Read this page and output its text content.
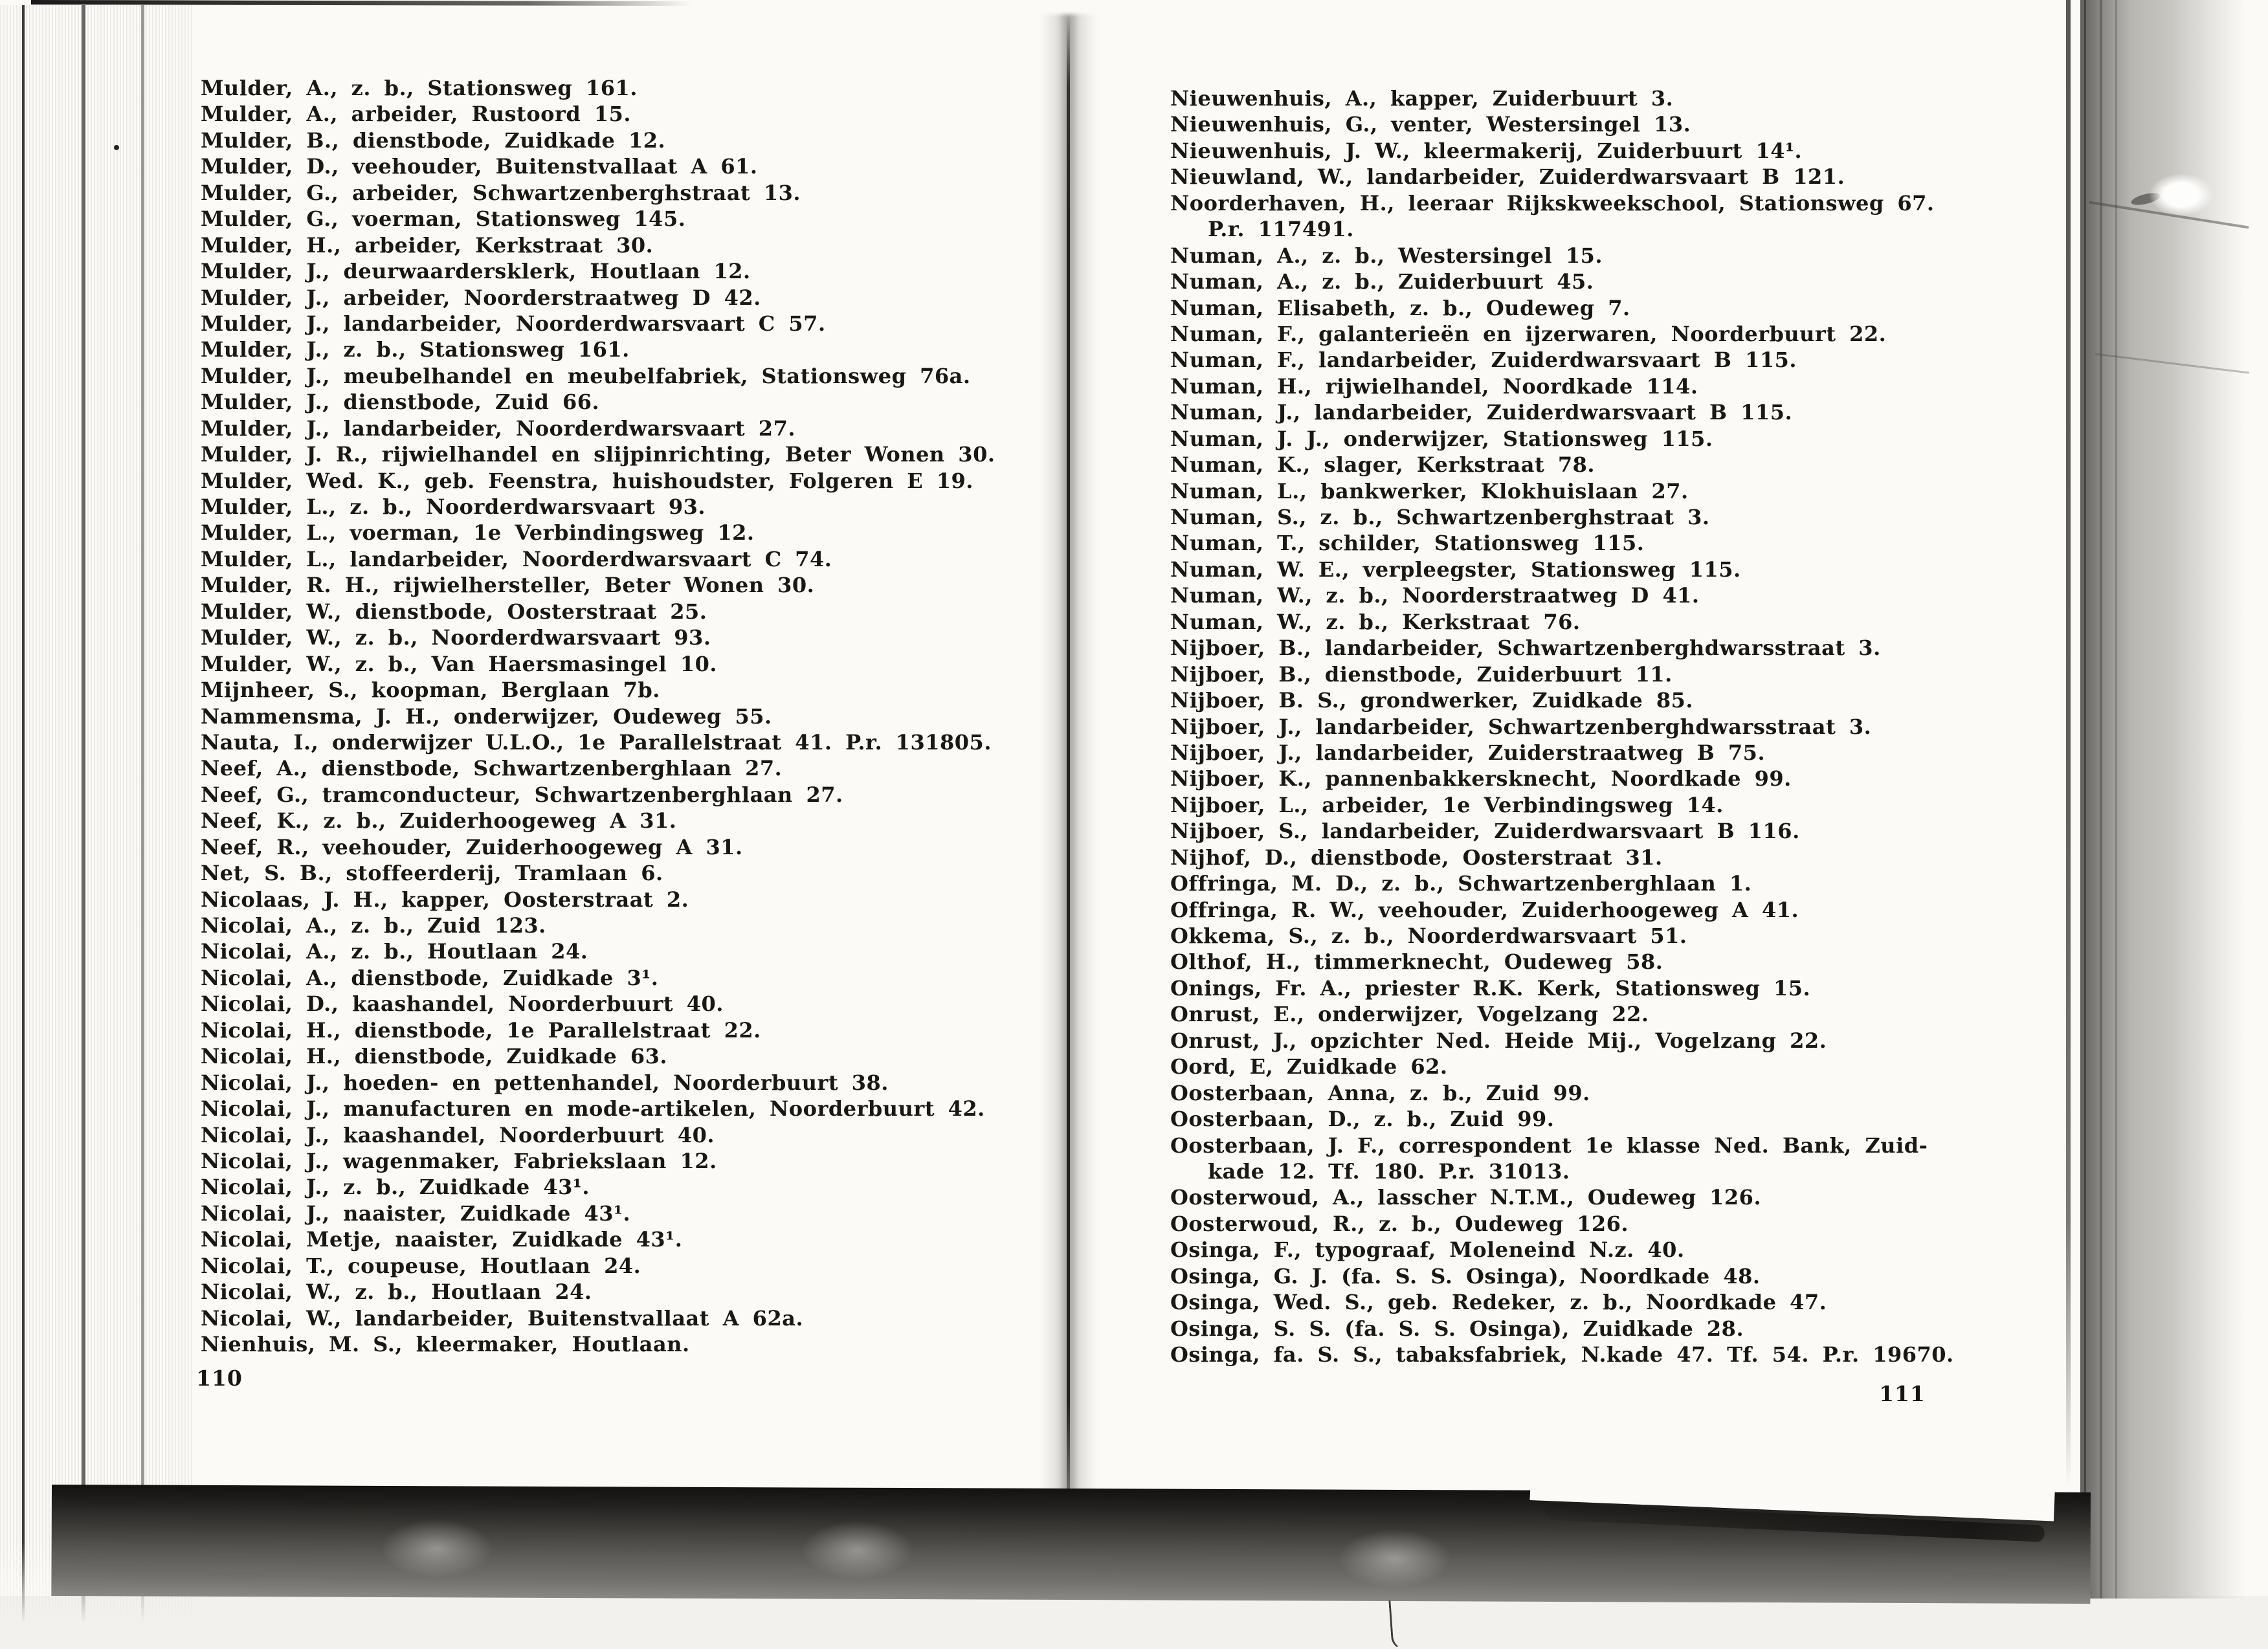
Mulder, A., z. b., Stationsweg 161.
Mulder, A., arbeider, Rustoord 15.
Mulder, B., dienstbode, Zuidkade 12.
Mulder, D., veehouder, Buitenstvallaat A 61.
Mulder, G., arbeider, Schwartzenberghstraat 13.
Mulder, G., voerman, Stationsweg 145.
Mulder, H., arbeider, Kerkstraat 30.
Mulder, J., deurwaardersklerk, Houtlaan 12.
Mulder, J., arbeider, Noorderstraatweg D 42.
Mulder, J., landarbeider, Noorderdwarsvaart C 57.
Mulder, J., z. b., Stationsweg 161.
Mulder, J., meubelhandel en meubelfabriek, Stationsweg 76a.
Mulder, J., dienstbode, Zuid 66.
Mulder, J., landarbeider, Noorderdwarsvaart 27.
Mulder, J. R., rijwielhandel en slijpinrichting, Beter Wonen 30.
Mulder, Wed. K., geb. Feenstra, huishoudster, Folgeren E 19.
Mulder, L., z. b., Noorderdwarsvaart 93.
Mulder, L., voerman, 1e Verbindingsweg 12.
Mulder, L., landarbeider, Noorderdwarsvaart C 74.
Mulder, R. H., rijwielhersteller, Beter Wonen 30.
Mulder, W., dienstbode, Oosterstraat 25.
Mulder, W., z. b., Noorderdwarsvaart 93.
Mulder, W., z. b., Van Haersmasingel 10.
Mijnheer, S., koopman, Berglaan 7b.
Nammensma, J. H., onderwijzer, Oudeweg 55.
Nauta, I., onderwijzer U.L.O., 1e Parallelstraat 41. P.r. 131805.
Neef, A., dienstbode, Schwartzenberghlaan 27.
Neef, G., tramconducteur, Schwartzenberghlaan 27.
Neef, K., z. b., Zuiderhoogeweg A 31.
Neef, R., veehouder, Zuiderhoogeweg A 31.
Net, S. B., stoffeerderij, Tramlaan 6.
Nicolaas, J. H., kapper, Oosterstraat 2.
Nicolai, A., z. b., Zuid 123.
Nicolai, A., z. b., Houtlaan 24.
Nicolai, A., dienstbode, Zuidkade 3¹.
Nicolai, D., kaashandel, Noorderbuurt 40.
Nicolai, H., dienstbode, 1e Parallelstraat 22.
Nicolai, H., dienstbode, Zuidkade 63.
Nicolai, J., hoeden- en pettenhandel, Noorderbuurt 38.
Nicolai, J., manufacturen en mode-artikelen, Noorderbuurt 42.
Nicolai, J., kaashandel, Noorderbuurt 40.
Nicolai, J., wagenmaker, Fabriekslaan 12.
Nicolai, J., z. b., Zuidkade 43¹.
Nicolai, J., naaister, Zuidkade 43¹.
Nicolai, Metje, naaister, Zuidkade 43¹.
Nicolai, T., coupeuse, Houtlaan 24.
Nicolai, W., z. b., Houtlaan 24.
Nicolai, W., landarbeider, Buitenstvallaat A 62a.
Nienhuis, M. S., kleermaker, Houtlaan.
Nieuwenhuis, A., kapper, Zuiderbuurt 3.
Nieuwenhuis, G., venter, Westersingel 13.
Nieuwenhuis, J. W., kleermakerij, Zuiderbuurt 14¹.
Nieuwland, W., landarbeider, Zuiderdwarsvaart B 121.
Noorderhaven, H., leeraar Rijkskweekschool, Stationsweg 67.
P.r. 117491.
Numan, A., z. b., Westersingel 15.
Numan, A., z. b., Zuiderbuurt 45.
Numan, Elisabeth, z. b., Oudeweg 7.
Numan, F., galanterieën en ijzerwaren, Noorderbuurt 22.
Numan, F., landarbeider, Zuiderdwarsvaart B 115.
Numan, H., rijwielhandel, Noordkade 114.
Numan, J., landarbeider, Zuiderdwarsvaart B 115.
Numan, J. J., onderwijzer, Stationsweg 115.
Numan, K., slager, Kerkstraat 78.
Numan, L., bankwerker, Klokhuislaan 27.
Numan, S., z. b., Schwartzenberghstraat 3.
Numan, T., schilder, Stationsweg 115.
Numan, W. E., verpleegster, Stationsweg 115.
Numan, W., z. b., Noorderstraatweg D 41.
Numan, W., z. b., Kerkstraat 76.
Nijboer, B., landarbeider, Schwartzenberghdwarsstraat 3.
Nijboer, B., dienstbode, Zuiderbuurt 11.
Nijboer, B. S., grondwerker, Zuidkade 85.
Nijboer, J., landarbeider, Schwartzenberghdwarsstraat 3.
Nijboer, J., landarbeider, Zuiderstraatweg B 75.
Nijboer, K., pannenbakkersknecht, Noordkade 99.
Nijboer, L., arbeider, 1e Verbindingsweg 14.
Nijboer, S., landarbeider, Zuiderdwarsvaart B 116.
Nijhof, D., dienstbode, Oosterstraat 31.
Offringa, M. D., z. b., Schwartzenberghlaan 1.
Offringa, R. W., veehouder, Zuiderhoogeweg A 41.
Okkema, S., z. b., Noorderdwarsvaart 51.
Olthof, H., timmerknecht, Oudeweg 58.
Onings, Fr. A., priester R.K. Kerk, Stationsweg 15.
Onrust, E., onderwijzer, Vogelzang 22.
Onrust, J., opzichter Ned. Heide Mij., Vogelzang 22.
Oord, E, Zuidkade 62.
Oosterbaan, Anna, z. b., Zuid 99.
Oosterbaan, D., z. b., Zuid 99.
Oosterbaan, J. F., correspondent 1e klasse Ned. Bank, Zuid-
kade 12. Tf. 180. P.r. 31013.
Oosterwoud, A., lasscher N.T.M., Oudeweg 126.
Oosterwoud, R., z. b., Oudeweg 126.
Osinga, F., typograaf, Moleneind N.z. 40.
Osinga, G. J. (fa. S. S. Osinga), Noordkade 48.
Osinga, Wed. S., geb. Redeker, z. b., Noordkade 47.
Osinga, S. S. (fa. S. S. Osinga), Zuidkade 28.
Osinga, fa. S. S., tabaksfabriek, N.kade 47. Tf. 54. P.r. 19670.
110
111
